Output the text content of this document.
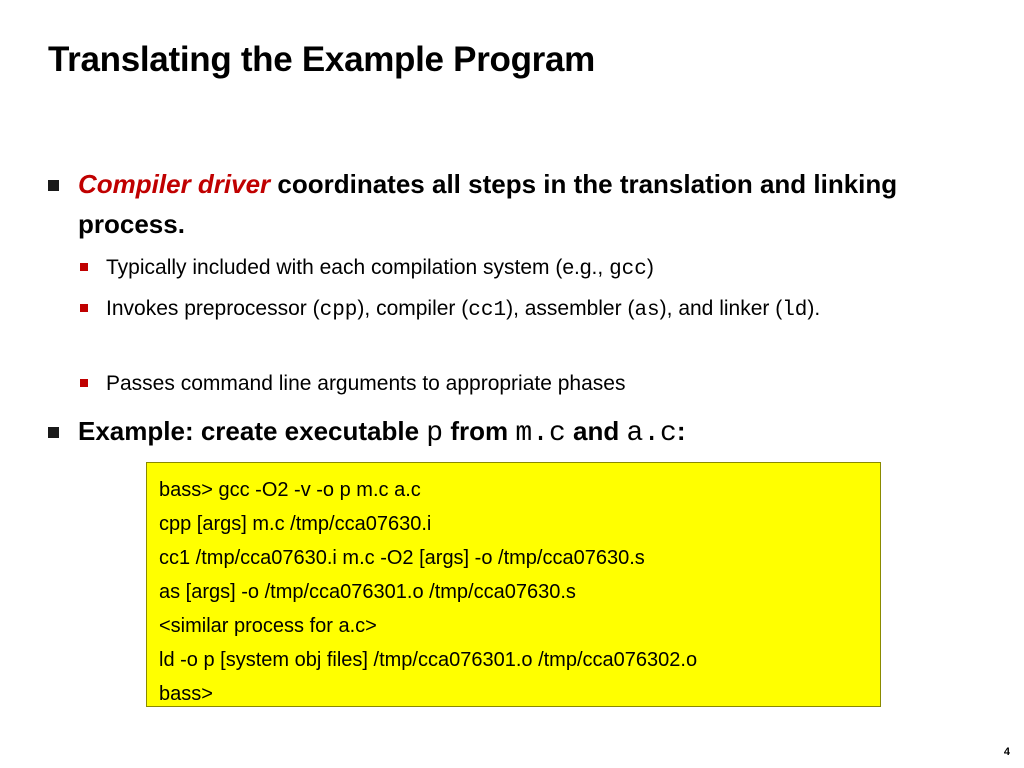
Translating the Example Program
Compiler driver coordinates all steps in the translation and linking process.
Typically included with each compilation system (e.g., gcc)
Invokes preprocessor (cpp), compiler (cc1), assembler (as), and linker (ld).
Passes command line arguments to appropriate phases
Example: create executable p from m.c and a.c:
bass> gcc -O2 -v -o p m.c a.c
cpp [args] m.c /tmp/cca07630.i
cc1 /tmp/cca07630.i m.c -O2 [args] -o /tmp/cca07630.s
as [args] -o /tmp/cca076301.o /tmp/cca07630.s
<similar process for a.c>
ld -o p [system obj files] /tmp/cca076301.o /tmp/cca076302.o
bass>
4
